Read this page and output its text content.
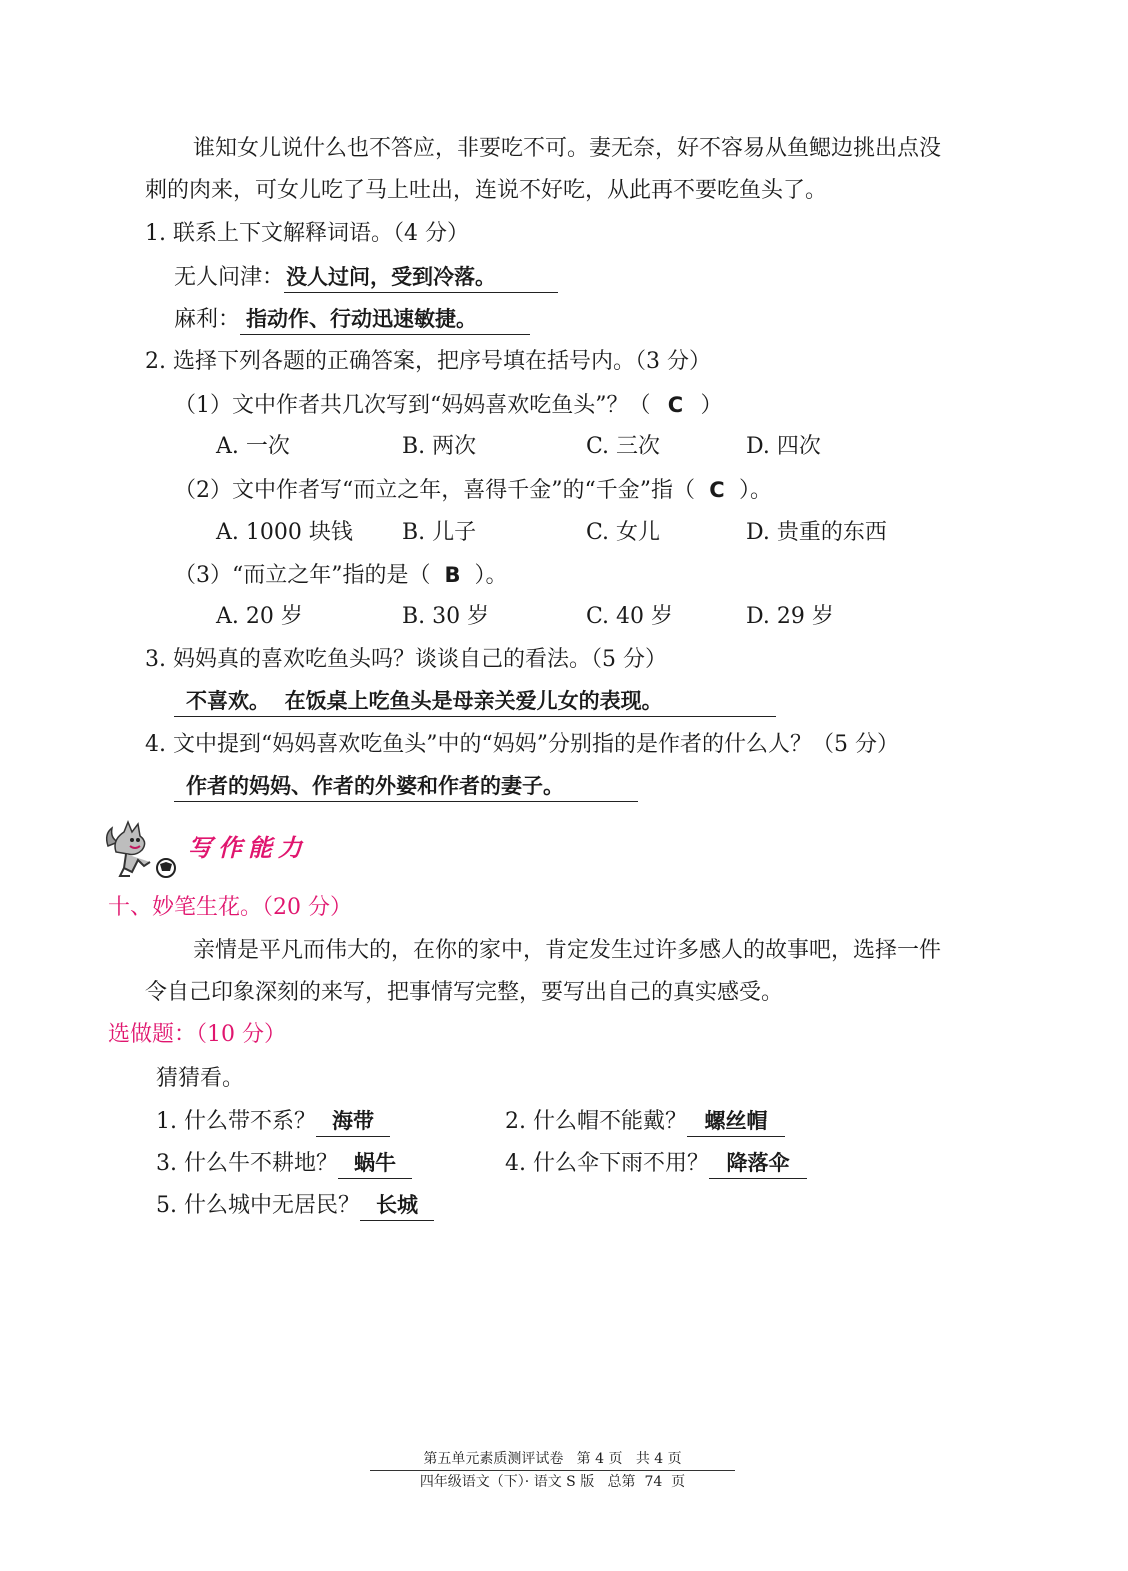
谁知女儿说什么也不答应，非要吃不可。妻无奈，好不容易从鱼鳃边挑出点没
刺的肉来，可女儿吃了马上吐出，连说不好吃，从此再不要吃鱼头了。
1. 联系上下文解释词语。（4 分）
无人问津：没人过问，受到冷落。
麻利： 指动作、行动迅速敏捷。
2. 选择下列各题的正确答案，把序号填在括号内。（3 分）
（1）文中作者共几次写到“妈妈喜欢吃鱼头”？（ C ）
A. 一次	B. 两次	C. 三次	D. 四次
（2）文中作者写“而立之年，喜得千金”的“千金”指（ C ）。
A. 1000 块钱 B. 儿子	C. 女儿	D. 贵重的东西
（3）“而立之年”指的是（ B ）。
A. 20 岁	B. 30 岁	C. 40 岁	D. 29 岁
3. 妈妈真的喜欢吃鱼头吗？谈谈自己的看法。（5 分）
不喜欢。  在饭桌上吃鱼头是母亲关爱儿女的表现。
4. 文中提到“妈妈喜欢吃鱼头”中的“妈妈”分别指的是作者的什么人？（5 分）
作者的妈妈、作者的外婆和作者的妻子。
写作能力
十、妙笔生花。（20 分）
亲情是平凡而伟大的，在你的家中，肯定发生过许多感人的故事吧，选择一件
令自己印象深刻的来写，把事情写完整，要写出自己的真实感受。
选做题：（10 分）
猜猜看。
1. 什么带不系？ 海带	2. 什么帽不能戴？ 螺丝帽
3. 什么牛不耕地？ 蜗牛	4. 什么伞下雨不用？ 降落伞
5. 什么城中无居民？ 长城
第五单元素质测评试卷   第 4 页   共 4 页
四年级语文（下）· 语文 S 版   总第  74  页
